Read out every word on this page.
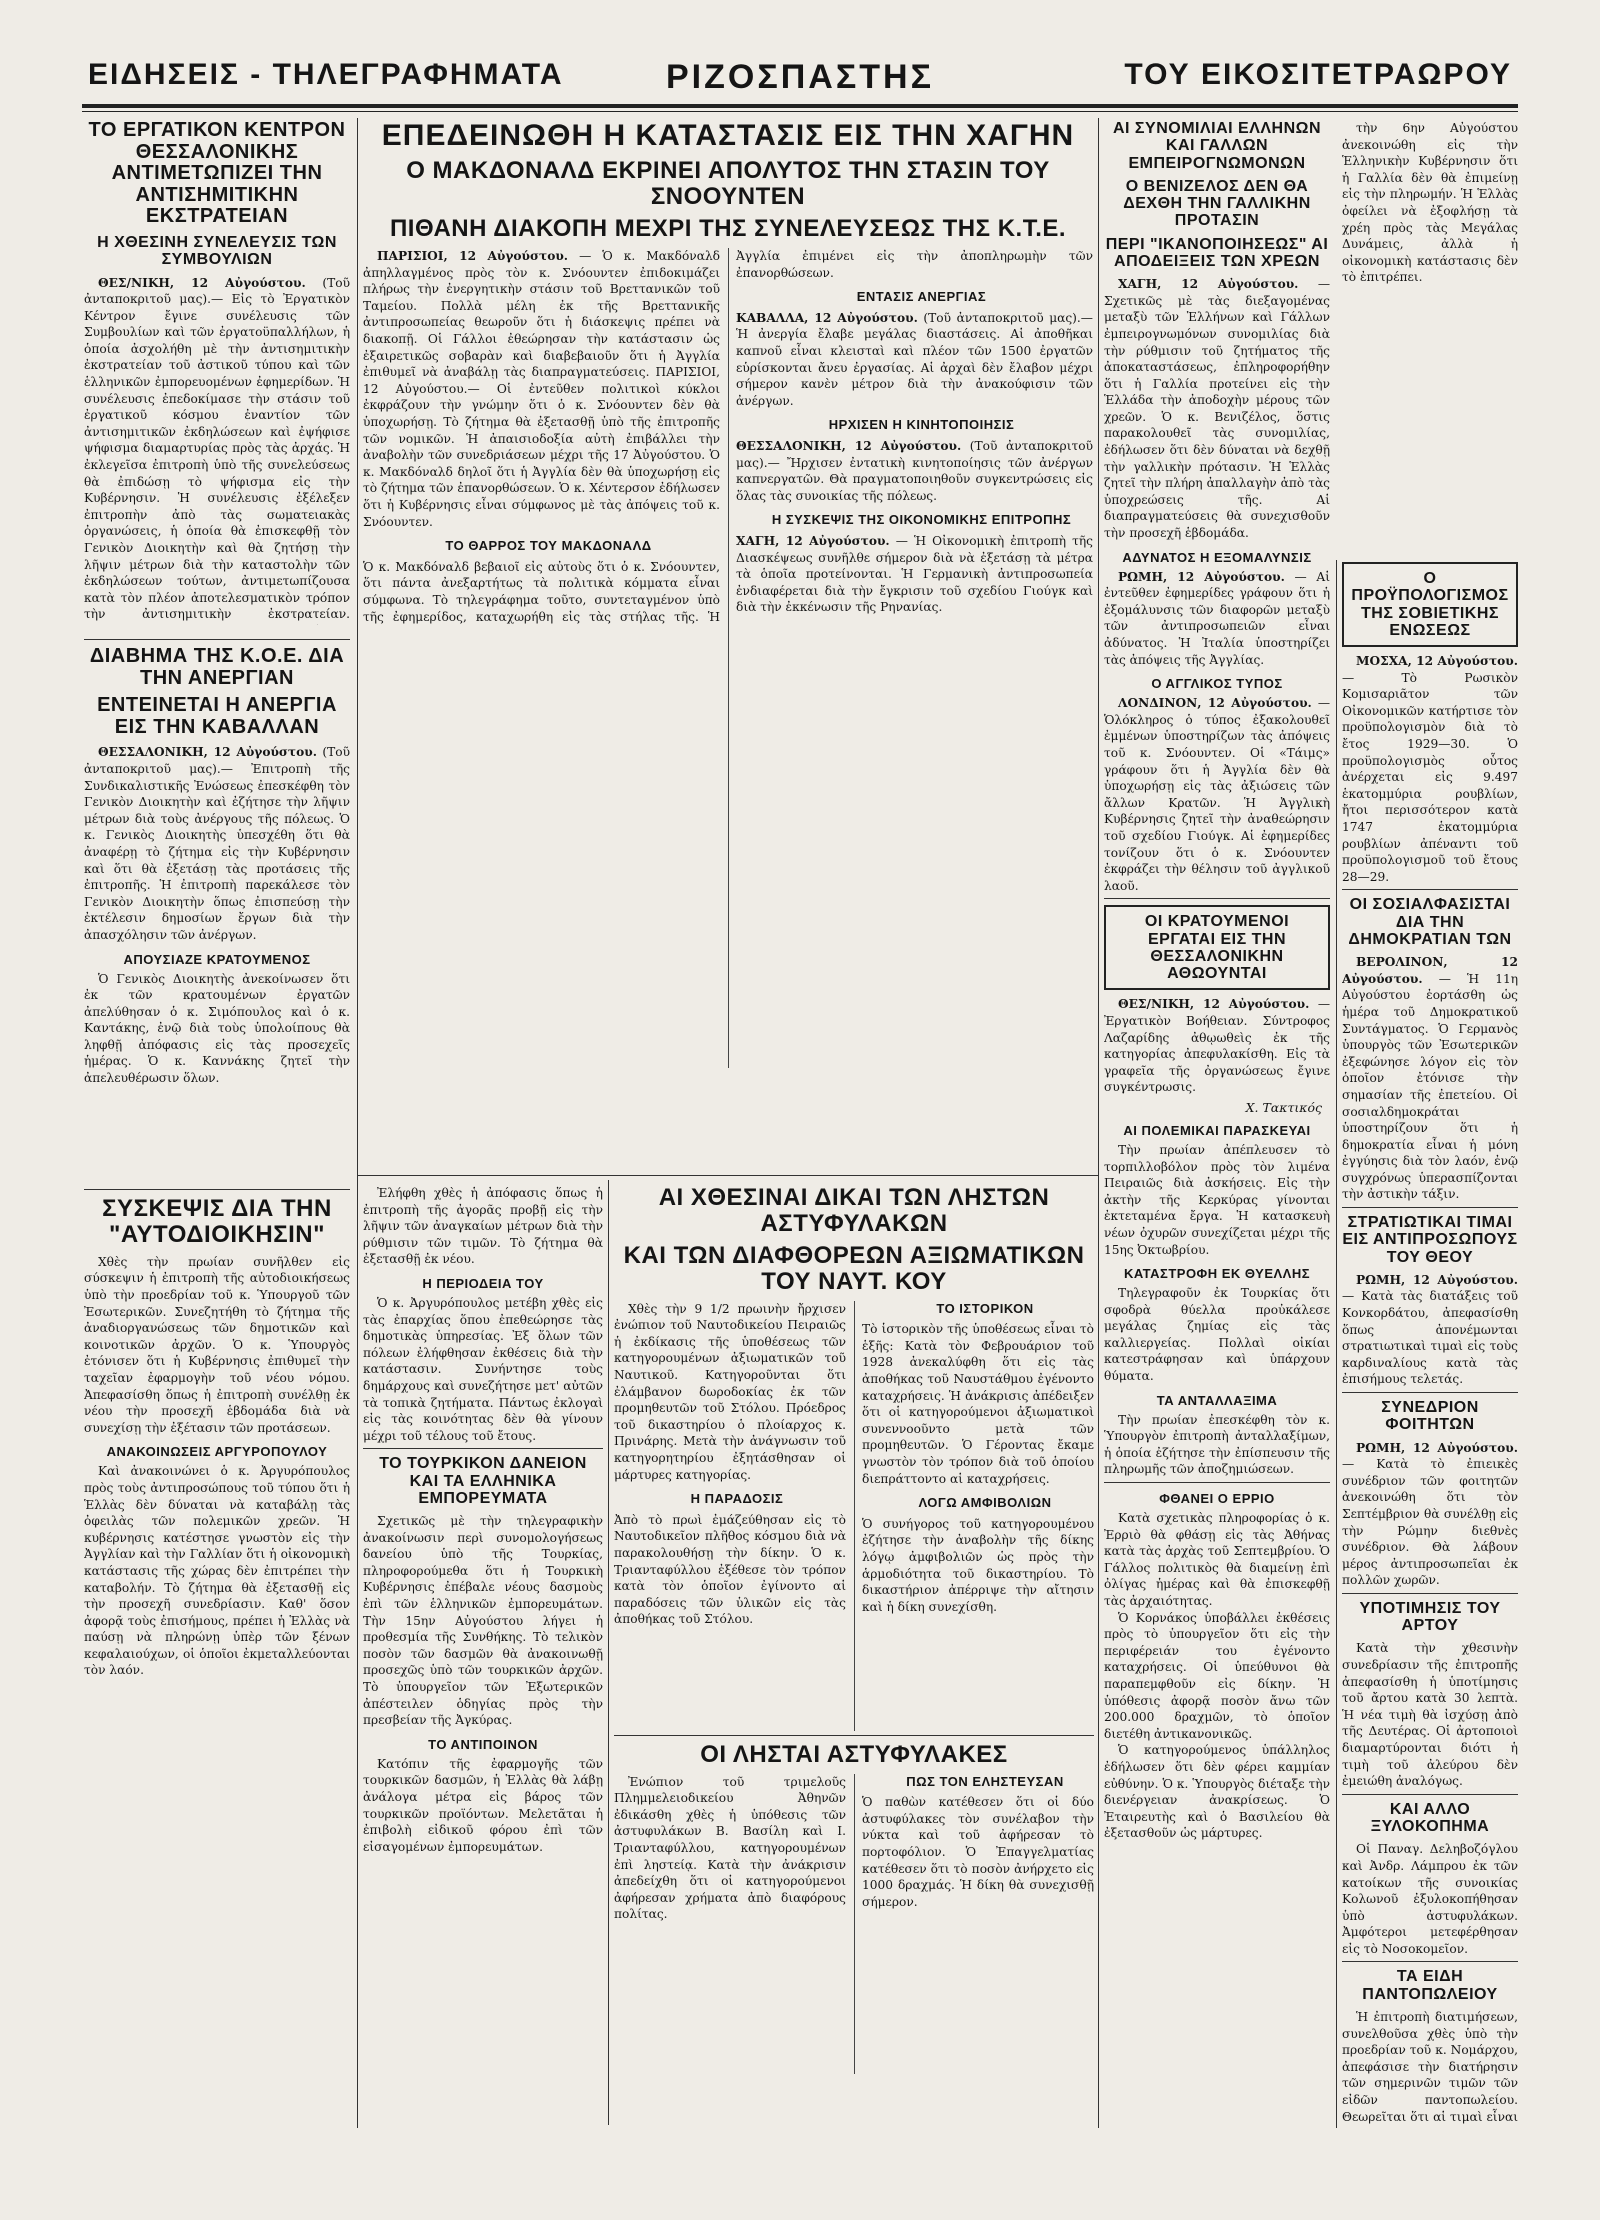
ΕΙΔΗΣΕΙΣ - ΤΗΛΕΓΡΑΦΗΜΑΤΑ	ΡΙΖΟΣΠΑΣΤΗΣ	ΤΟΥ ΕΙΚΟΣΙΤΕΤΡΑΩΡΟΥ
ΤΟ ΕΡΓΑΤΙΚΟΝ ΚΕΝΤΡΟΝ ΘΕΣΣΑΛΟΝΙΚΗΣ ΑΝΤΙΜΕΤΩΠΙΖΕΙ ΤΗΝ ΑΝΤΙΣΗΜΙΤΙΚΗΝ ΕΚΣΤΡΑΤΕΙΑΝ
Η ΧΘΕΣΙΝΗ ΣΥΝΕΛΕΥΣΙΣ ΤΩΝ ΣΥΜΒΟΥΛΙΩΝ

ΘΕΣ/ΝΙΚΗ, 12 Αὐγούστου. (Τοῦ ἀνταποκριτοῦ μας).— Εἰς τὸ Ἐργατικὸν Κέντρον ἔγινε συνέλευσις τῶν Συμβουλίων καὶ τῶν ἐργατοϋπαλλήλων, ἡ ὁποία ἀσχολήθη μὲ τὴν ἀντισημιτικὴν ἐκστρατείαν τοῦ ἀστικοῦ τύπου καὶ τῶν ἑλληνικῶν ἐμπορευομένων ἐφημερίδων. Ἡ συνέλευσις ἐπεδοκίμασε τὴν στάσιν τοῦ ἐργατικοῦ κόσμου ἐναντίον τῶν ἀντισημιτικῶν ἐκδηλώσεων καὶ ἐψήφισε ψήφισμα διαμαρτυρίας πρὸς τὰς ἀρχάς. Ἡ ἐκλεγεῖσα ἐπιτροπὴ ὑπὸ τῆς συνελεύσεως θὰ ἐπιδώσῃ τὸ ψήφισμα εἰς τὴν Κυβέρνησιν. Ἡ συνέλευσις ἐξέλεξεν ἐπιτροπὴν ἀπὸ τὰς σωματειακὰς ὀργανώσεις, ἡ ὁποία θὰ ἐπισκεφθῇ τὸν Γενικὸν Διοικητὴν καὶ θὰ ζητήσῃ τὴν λῆψιν μέτρων διὰ τὴν καταστολὴν τῶν ἐκδηλώσεων τούτων, ἀντιμετωπίζουσα κατὰ τὸν πλέον ἀποτελεσματικὸν τρόπον τὴν ἀντισημιτικὴν ἐκστρατείαν.

ΔΙΑΒΗΜΑ ΤΗΣ Κ.Ο.Ε. ΔΙΑ ΤΗΝ ΑΝΕΡΓΙΑΝ
ΕΝΤΕΙΝΕΤΑΙ Η ΑΝΕΡΓΙΑ ΕΙΣ ΤΗΝ ΚΑΒΑΛΛΑΝ

ΘΕΣΣΑΛΟΝΙΚΗ, 12 Αὐγούστου. (Τοῦ ἀνταποκριτοῦ μας).— Ἐπιτροπὴ τῆς Συνδικαλιστικῆς Ἐνώσεως ἐπεσκέφθη τὸν Γενικὸν Διοικητὴν καὶ ἐζήτησε τὴν λῆψιν μέτρων διὰ τοὺς ἀνέργους τῆς πόλεως. Ὁ κ. Γενικὸς Διοικητὴς ὑπεσχέθη ὅτι θὰ ἀναφέρῃ τὸ ζήτημα εἰς τὴν Κυβέρνησιν καὶ ὅτι θὰ ἐξετάσῃ τὰς προτάσεις τῆς ἐπιτροπῆς. Ἡ ἐπιτροπὴ παρεκάλεσε τὸν Γενικὸν Διοικητὴν ὅπως ἐπισπεύσῃ τὴν ἐκτέλεσιν δημοσίων ἔργων διὰ τὴν ἀπασχόλησιν τῶν ἀνέργων.

ΑΠΟΥΣΙΑΖΕ ΚΡΑΤΟΥΜΕΝΟΣ

Ὁ Γενικὸς Διοικητὴς ἀνεκοίνωσεν ὅτι ἐκ τῶν κρατουμένων ἐργατῶν ἀπελύθησαν ὁ κ. Σιμόπουλος καὶ ὁ κ. Καντάκης, ἐνῷ διὰ τοὺς ὑπολοίπους θὰ ληφθῇ ἀπόφασις εἰς τὰς προσεχεῖς ἡμέρας. Ὁ κ. Καννάκης ζητεῖ τὴν ἀπελευθέρωσιν ὅλων.

ΣΥΣΚΕΨΙΣ ΔΙΑ ΤΗΝ "ΑΥΤΟΔΙΟΙΚΗΣΙΝ"

Χθὲς τὴν πρωίαν συνῆλθεν εἰς σύσκεψιν ἡ ἐπιτροπὴ τῆς αὐτοδιοικήσεως ὑπὸ τὴν προεδρίαν τοῦ κ. Ὑπουργοῦ τῶν Ἐσωτερικῶν. Συνεζητήθη τὸ ζήτημα τῆς ἀναδιοργανώσεως τῶν δημοτικῶν καὶ κοινοτικῶν ἀρχῶν. Ὁ κ. Ὑπουργὸς ἐτόνισεν ὅτι ἡ Κυβέρνησις ἐπιθυμεῖ τὴν ταχεῖαν ἐφαρμογὴν τοῦ νέου νόμου. Ἀπεφασίσθη ὅπως ἡ ἐπιτροπὴ συνέλθῃ ἐκ νέου τὴν προσεχῆ ἑβδομάδα διὰ νὰ συνεχίσῃ τὴν ἐξέτασιν τῶν προτάσεων.

ΑΝΑΚΟΙΝΩΣΕΙΣ ΑΡΓΥΡΟΠΟΥΛΟΥ

Καὶ ἀνακοινώνει ὁ κ. Ἀργυρόπουλος πρὸς τοὺς ἀντιπροσώπους τοῦ τύπου ὅτι ἡ Ἑλλὰς δὲν δύναται νὰ καταβάλῃ τὰς ὀφειλὰς τῶν πολεμικῶν χρεῶν. Ἡ κυβέρνησις κατέστησε γνωστὸν εἰς τὴν Ἀγγλίαν καὶ τὴν Γαλλίαν ὅτι ἡ οἰκονομικὴ κατάστασις τῆς χώρας δὲν ἐπιτρέπει τὴν καταβολήν. Τὸ ζήτημα θὰ ἐξετασθῇ εἰς τὴν προσεχῆ συνεδρίασιν. Καθ' ὅσον ἀφορᾷ τοὺς ἐπισήμους, πρέπει ἡ Ἑλλὰς νὰ παύσῃ νὰ πληρώνῃ ὑπὲρ τῶν ξένων κεφαλαιούχων, οἱ ὁποῖοι ἐκμεταλλεύονται τὸν λαόν.

ΕΠΕΔΕΙΝΩΘΗ Η ΚΑΤΑΣΤΑΣΙΣ ΕΙΣ ΤΗΝ ΧΑΓΗΝ
Ο ΜΑΚΔΟΝΑΛΔ ΕΚΡΙΝΕΙ ΑΠΟΛΥΤΟΣ ΤΗΝ ΣΤΑΣΙΝ ΤΟΥ ΣΝΟΟΥΝΤΕΝ
ΠΙΘΑΝΗ ΔΙΑΚΟΠΗ ΜΕΧΡΙ ΤΗΣ ΣΥΝΕΛΕΥΣΕΩΣ ΤΗΣ Κ.Τ.Ε.
ΠΑΡΙΣΙΟΙ, 12 Αὐγούστου. — Ὁ κ. Μακδόναλδ ἀπηλλαγμένος πρὸς τὸν κ. Σνόουντεν ἐπιδοκιμάζει πλήρως τὴν ἐνεργητικὴν στάσιν τοῦ Βρεττανικῶν τοῦ Ταμείου. Πολλὰ μέλη ἐκ τῆς Βρεττανικῆς ἀντιπροσωπείας θεωροῦν ὅτι ἡ διάσκεψις πρέπει νὰ διακοπῇ. Οἱ Γάλλοι ἐθεώρησαν τὴν κατάστασιν ὡς ἐξαιρετικῶς σοβαρὰν καὶ διαβεβαιοῦν ὅτι ἡ Ἀγγλία ἐπιθυμεῖ νὰ ἀναβάλῃ τὰς διαπραγματεύσεις. ΠΑΡΙΣΙΟΙ, 12 Αὐγούστου.— Οἱ ἐντεῦθεν πολιτικοὶ κύκλοι ἐκφράζουν τὴν γνώμην ὅτι ὁ κ. Σνόουντεν δὲν θὰ ὑποχωρήσῃ. Τὸ ζήτημα θὰ ἐξετασθῇ ὑπὸ τῆς ἐπιτροπῆς τῶν νομικῶν. Ἡ ἀπαισιοδοξία αὐτὴ ἐπιβάλλει τὴν ἀναβολὴν τῶν συνεδριάσεων μέχρι τῆς 17 Ἀὐγούστου. Ὁ κ. Μακδόναλδ δηλοῖ ὅτι ἡ Ἀγγλία δὲν θὰ ὑποχωρήσῃ εἰς τὸ ζήτημα τῶν ἐπανορθώσεων. Ὁ κ. Χέντερσον ἐδήλωσεν ὅτι ἡ Κυβέρνησις εἶναι σύμφωνος μὲ τὰς ἀπόψεις τοῦ κ. Σνόουντεν.
ΤΟ ΘΑΡΡΟΣ ΤΟΥ ΜΑΚΔΟΝΑΛΔ
Ὁ κ. Μακδόναλδ βεβαιοῖ εἰς αὐτοὺς ὅτι ὁ κ. Σνόουντεν, ὅτι πάντα ἀνεξαρτήτως τὰ πολιτικὰ κόμματα εἶναι σύμφωνα. Τὸ τηλεγράφημα τοῦτο, συντεταγμένον ὑπὸ τῆς ἐφημερίδος, καταχωρήθη εἰς τὰς στήλας τῆς. Ἡ Ἀγγλία ἐπιμένει εἰς τὴν ἀποπληρωμὴν τῶν ἐπανορθώσεων.
ΕΝΤΑΣΙΣ ΑΝΕΡΓΙΑΣ
ΚΑΒΑΛΛΑ, 12 Αὐγούστου. (Τοῦ ἀνταποκριτοῦ μας).— Ἡ ἀνεργία ἔλαβε μεγάλας διαστάσεις. Αἱ ἀποθῆκαι καπνοῦ εἶναι κλεισταὶ καὶ πλέον τῶν 1500 ἐργατῶν εὑρίσκονται ἄνευ ἐργασίας. Αἱ ἀρχαὶ δὲν ἔλαβον μέχρι σήμερον κανὲν μέτρον διὰ τὴν ἀνακούφισιν τῶν ἀνέργων.
ΗΡΧΙΣΕΝ Η ΚΙΝΗΤΟΠΟΙΗΣΙΣ
ΘΕΣΣΑΛΟΝΙΚΗ, 12 Αὐγούστου. (Τοῦ ἀνταποκριτοῦ μας).— Ἤρχισεν ἐντατικὴ κινητοποίησις τῶν ἀνέργων καπνεργατῶν. Θὰ πραγματοποιηθοῦν συγκεντρώσεις εἰς ὅλας τὰς συνοικίας τῆς πόλεως.
Η ΣΥΣΚΕΨΙΣ ΤΗΣ ΟΙΚΟΝΟΜΙΚΗΣ ΕΠΙΤΡΟΠΗΣ
ΧΑΓΗ, 12 Αὐγούστου. — Ἡ Οἰκονομικὴ ἐπιτροπὴ τῆς Διασκέψεως συνῆλθε σήμερον διὰ νὰ ἐξετάσῃ τὰ μέτρα τὰ ὁποῖα προτείνονται. Ἡ Γερμανικὴ ἀντιπροσωπεία ἐνδιαφέρεται διὰ τὴν ἔγκρισιν τοῦ σχεδίου Γιούγκ καὶ διὰ τὴν ἐκκένωσιν τῆς Ρηνανίας.

Ἐλήφθη χθὲς ἡ ἀπόφασις ὅπως ἡ ἐπιτροπὴ τῆς ἀγορᾶς προβῇ εἰς τὴν λῆψιν τῶν ἀναγκαίων μέτρων διὰ τὴν ρύθμισιν τῶν τιμῶν. Τὸ ζήτημα θὰ ἐξετασθῇ ἐκ νέου.

Η ΠΕΡΙΟΔΕΙΑ ΤΟΥ

Ὁ κ. Ἀργυρόπουλος μετέβη χθὲς εἰς τὰς ἐπαρχίας ὅπου ἐπεθεώρησε τὰς δημοτικὰς ὑπηρεσίας. Ἐξ ὅλων τῶν πόλεων ἐλήφθησαν ἐκθέσεις διὰ τὴν κατάστασιν. Συνήντησε τοὺς δημάρχους καὶ συνεζήτησε μετ' αὐτῶν τὰ τοπικὰ ζητήματα. Πάντως ἐκλογαὶ εἰς τὰς κοινότητας δὲν θὰ γίνουν μέχρι τοῦ τέλους τοῦ ἔτους.

ΤΟ ΤΟΥΡΚΙΚΟΝ ΔΑΝΕΙΟΝ ΚΑΙ ΤΑ ΕΛΛΗΝΙΚΑ ΕΜΠΟΡΕΥΜΑΤΑ

Σχετικῶς μὲ τὴν τηλεγραφικὴν ἀνακοίνωσιν περὶ συνομολογήσεως δανείου ὑπὸ τῆς Τουρκίας, πληροφορούμεθα ὅτι ἡ Τουρκικὴ Κυβέρνησις ἐπέβαλε νέους δασμοὺς ἐπὶ τῶν ἑλληνικῶν ἐμπορευμάτων. Τὴν 15ην Αὐγούστου λήγει ἡ προθεσμία τῆς Συνθήκης. Τὸ τελικὸν ποσὸν τῶν δασμῶν θὰ ἀνακοινωθῇ προσεχῶς ὑπὸ τῶν τουρκικῶν ἀρχῶν. Τὸ ὑπουργεῖον τῶν Ἐξωτερικῶν ἀπέστειλεν ὁδηγίας πρὸς τὴν πρεσβείαν τῆς Ἀγκύρας.

ΤΟ ΑΝΤΙΠΟΙΝΟΝ

Κατόπιν τῆς ἐφαρμογῆς τῶν τουρκικῶν δασμῶν, ἡ Ἑλλὰς θὰ λάβῃ ἀνάλογα μέτρα εἰς βάρος τῶν τουρκικῶν προϊόντων. Μελετᾶται ἡ ἐπιβολὴ εἰδικοῦ φόρου ἐπὶ τῶν εἰσαγομένων ἐμπορευμάτων.

ΑΙ ΧΘΕΣΙΝΑΙ ΔΙΚΑΙ ΤΩΝ ΛΗΣΤΩΝ ΑΣΤΥΦΥΛΑΚΩΝ
ΚΑΙ ΤΩΝ ΔΙΑΦΘΟΡΕΩΝ ΑΞΙΩΜΑΤΙΚΩΝ ΤΟΥ ΝΑΥΤ. ΚΟΥ
Χθὲς τὴν 9 1/2 πρωινὴν ἤρχισεν ἐνώπιον τοῦ Ναυτοδικείου Πειραιῶς ἡ ἐκδίκασις τῆς ὑποθέσεως τῶν κατηγορουμένων ἀξιωματικῶν τοῦ Ναυτικοῦ. Κατηγοροῦνται ὅτι ἐλάμβανον δωροδοκίας ἐκ τῶν προμηθευτῶν τοῦ Στόλου. Πρόεδρος τοῦ δικαστηρίου ὁ πλοίαρχος κ. Πρινάρης. Μετὰ τὴν ἀνάγνωσιν τοῦ κατηγορητηρίου ἐξητάσθησαν οἱ μάρτυρες κατηγορίας.
Η ΠΑΡΑΔΟΣΙΣ
Ἀπὸ τὸ πρωὶ ἐμάζεύθησαν εἰς τὸ Ναυτοδικεῖον πλῆθος κόσμου διὰ νὰ παρακολουθήσῃ τὴν δίκην. Ὁ κ. Τριανταφύλλου ἐξέθεσε τὸν τρόπον κατὰ τὸν ὁποῖον ἐγίνοντο αἱ παραδόσεις τῶν ὑλικῶν εἰς τὰς ἀποθήκας τοῦ Στόλου.
ΤΟ ΙΣΤΟΡΙΚΟΝ
Τὸ ἱστορικὸν τῆς ὑποθέσεως εἶναι τὸ ἑξῆς: Κατὰ τὸν Φεβρουάριον τοῦ 1928 ἀνεκαλύφθη ὅτι εἰς τὰς ἀποθήκας τοῦ Ναυστάθμου ἐγένοντο καταχρήσεις. Ἡ ἀνάκρισις ἀπέδειξεν ὅτι οἱ κατηγορούμενοι ἀξιωματικοὶ συνεννοοῦντο μετὰ τῶν προμηθευτῶν. Ὁ Γέροντας ἔκαμε γνωστὸν τὸν τρόπον διὰ τοῦ ὁποίου διεπράττοντο αἱ καταχρήσεις.
ΛΟΓΩ ΑΜΦΙΒΟΛΙΩΝ
Ὁ συνήγορος τοῦ κατηγορουμένου ἐζήτησε τὴν ἀναβολὴν τῆς δίκης λόγῳ ἀμφιβολιῶν ὡς πρὸς τὴν ἁρμοδιότητα τοῦ δικαστηρίου. Τὸ δικαστήριον ἀπέρριψε τὴν αἴτησιν καὶ ἡ δίκη συνεχίσθη.
ΟΙ ΛΗΣΤΑΙ ΑΣΤΥΦΥΛΑΚΕΣ
Ἐνώπιον τοῦ τριμελοῦς Πλημμελειοδικείου Ἀθηνῶν ἐδικάσθη χθὲς ἡ ὑπόθεσις τῶν ἀστυφυλάκων Β. Βασίλη καὶ Ι. Τριανταφύλλου, κατηγορουμένων ἐπὶ ληστείᾳ. Κατὰ τὴν ἀνάκρισιν ἀπεδείχθη ὅτι οἱ κατηγορούμενοι ἀφήρεσαν χρήματα ἀπὸ διαφόρους πολίτας.
ΠΩΣ ΤΟΝ ΕΛΗΣΤΕΥΣΑΝ
Ὁ παθὼν κατέθεσεν ὅτι οἱ δύο ἀστυφύλακες τὸν συνέλαβον τὴν νύκτα καὶ τοῦ ἀφήρεσαν τὸ πορτοφόλιον. Ὁ Ἐπαγγελματίας κατέθεσεν ὅτι τὸ ποσὸν ἀνήρχετο εἰς 1000 δραχμάς. Ἡ δίκη θὰ συνεχισθῇ σήμερον.
ΑΙ ΣΥΝΟΜΙΛΙΑΙ ΕΛΛΗΝΩΝ ΚΑΙ ΓΑΛΛΩΝ ΕΜΠΕΙΡΟΓΝΩΜΟΝΩΝ
Ο ΒΕΝΙΖΕΛΟΣ ΔΕΝ ΘΑ ΔΕΧΘΗ ΤΗΝ ΓΑΛΛΙΚΗΝ ΠΡΟΤΑΣΙΝ
ΠΕΡΙ "ΙΚΑΝΟΠΟΙΗΣΕΩΣ" ΑΙ ΑΠΟΔΕΙΞΕΙΣ ΤΩΝ ΧΡΕΩΝ

ΧΑΓΗ, 12 Αὐγούστου. — Σχετικῶς μὲ τὰς διεξαγομένας μεταξὺ τῶν Ἑλλήνων καὶ Γάλλων ἐμπειρογνωμόνων συνομιλίας διὰ τὴν ρύθμισιν τοῦ ζητήματος τῆς ἀποκαταστάσεως, ἐπληροφορήθην ὅτι ἡ Γαλλία προτείνει εἰς τὴν Ἑλλάδα τὴν ἀποδοχὴν μέρους τῶν χρεῶν. Ὁ κ. Βενιζέλος, ὅστις παρακολουθεῖ τὰς συνομιλίας, ἐδήλωσεν ὅτι δὲν δύναται νὰ δεχθῇ τὴν γαλλικὴν πρότασιν. Ἡ Ἑλλὰς ζητεῖ τὴν πλήρη ἀπαλλαγὴν ἀπὸ τὰς ὑποχρεώσεις τῆς. Αἱ διαπραγματεύσεις θὰ συνεχισθοῦν τὴν προσεχῆ ἑβδομάδα.

ΑΔΥΝΑΤΟΣ Η ΕΞΟΜΑΛΥΝΣΙΣ

ΡΩΜΗ, 12 Αὐγούστου. — Αἱ ἐντεῦθεν ἐφημερίδες γράφουν ὅτι ἡ ἐξομάλυνσις τῶν διαφορῶν μεταξὺ τῶν ἀντιπροσωπειῶν εἶναι ἀδύνατος. Ἡ Ἰταλία ὑποστηρίζει τὰς ἀπόψεις τῆς Ἀγγλίας.

Ο ΑΓΓΛΙΚΟΣ ΤΥΠΟΣ

ΛΟΝΔΙΝΟΝ, 12 Αὐγούστου. — Ὁλόκληρος ὁ τύπος ἐξακολουθεῖ ἐμμένων ὑποστηρίζων τὰς ἀπόψεις τοῦ κ. Σνόουντεν. Οἱ «Τάιμς» γράφουν ὅτι ἡ Ἀγγλία δὲν θὰ ὑποχωρήσῃ εἰς τὰς ἀξιώσεις τῶν ἄλλων Κρατῶν. Ἡ Ἀγγλικὴ Κυβέρνησις ζητεῖ τὴν ἀναθεώρησιν τοῦ σχεδίου Γιούγκ. Αἱ ἐφημερίδες τονίζουν ὅτι ὁ κ. Σνόουντεν ἐκφράζει τὴν θέλησιν τοῦ ἀγγλικοῦ λαοῦ.

ΟΙ ΚΡΑΤΟΥΜΕΝΟΙ ΕΡΓΑΤΑΙ ΕΙΣ ΤΗΝ ΘΕΣΣΑΛΟΝΙΚΗΝ ΑΘΩΟΥΝΤΑΙ

ΘΕΣ/ΝΙΚΗ, 12 Αὐγούστου. — Ἐργατικὸν Βοήθειαν. Σύντροφος Λαζαρίδης ἀθῳωθεὶς ἐκ τῆς κατηγορίας ἀπεφυλακίσθη. Εἰς τὰ γραφεῖα τῆς ὀργανώσεως ἔγινε συγκέντρωσις.

Χ. Τακτικός
ΑΙ ΠΟΛΕΜΙΚΑΙ ΠΑΡΑΣΚΕΥΑΙ

Τὴν πρωίαν ἀπέπλευσεν τὸ τορπιλλοβόλον πρὸς τὸν λιμένα Πειραιῶς διὰ ἀσκήσεις. Εἰς τὴν ἀκτὴν τῆς Κερκύρας γίνονται ἐκτεταμένα ἔργα. Ἡ κατασκευὴ νέων ὀχυρῶν συνεχίζεται μέχρι τῆς 15ης Ὀκτωβρίου.

ΚΑΤΑΣΤΡΟΦΗ ΕΚ ΘΥΕΛΛΗΣ

Τηλεγραφοῦν ἐκ Τουρκίας ὅτι σφοδρὰ θύελλα προὐκάλεσε μεγάλας ζημίας εἰς τὰς καλλιεργείας. Πολλαὶ οἰκίαι κατεστράφησαν καὶ ὑπάρχουν θύματα.

ΤΑ ΑΝΤΑΛΛΑΞΙΜΑ

Τὴν πρωίαν ἐπεσκέφθη τὸν κ. Ὑπουργὸν ἐπιτροπὴ ἀνταλλαξίμων, ἡ ὁποία ἐζήτησε τὴν ἐπίσπευσιν τῆς πληρωμῆς τῶν ἀποζημιώσεων.

ΦΘΑΝΕΙ Ο ΕΡΡΙΟ

Κατὰ σχετικὰς πληροφορίας ὁ κ. Ἐρριὸ θὰ φθάσῃ εἰς τὰς Ἀθήνας κατὰ τὰς ἀρχὰς τοῦ Σεπτεμβρίου. Ὁ Γάλλος πολιτικὸς θὰ διαμείνῃ ἐπὶ ὀλίγας ἡμέρας καὶ θὰ ἐπισκεφθῇ τὰς ἀρχαιότητας.

Ὁ Κορνάκος ὑποβάλλει ἐκθέσεις πρὸς τὸ ὑπουργεῖον ὅτι εἰς τὴν περιφέρειάν του ἐγένοντο καταχρήσεις. Οἱ ὑπεύθυνοι θὰ παραπεμφθοῦν εἰς δίκην. Ἡ ὑπόθεσις ἀφορᾷ ποσὸν ἄνω τῶν 200.000 δραχμῶν, τὸ ὁποῖον διετέθη ἀντικανονικῶς.

Ὁ κατηγορούμενος ὑπάλληλος ἐδήλωσεν ὅτι δὲν φέρει καμμίαν εὐθύνην. Ὁ κ. Ὑπουργὸς διέταξε τὴν διενέργειαν ἀνακρίσεως. Ὁ Ἐταιρευτὴς καὶ ὁ Βασιλείου θὰ ἐξετασθοῦν ὡς μάρτυρες.

τὴν 6ην Αὐγούστου ἀνεκοινώθη εἰς τὴν Ἑλληνικὴν Κυβέρνησιν ὅτι ἡ Γαλλία δὲν θὰ ἐπιμείνῃ εἰς τὴν πληρωμήν. Ἡ Ἑλλὰς ὀφείλει νὰ ἐξοφλήσῃ τὰ χρέη πρὸς τὰς Μεγάλας Δυνάμεις, ἀλλὰ ἡ οἰκονομικὴ κατάστασις δὲν τὸ ἐπιτρέπει.

Ο ΠΡΟΫΠΟΛΟΓΙΣΜΟΣ ΤΗΣ ΣΟΒΙΕΤΙΚΗΣ ΕΝΩΣΕΩΣ

ΜΟΣΧΑ, 12 Αὐγούστου. — Τὸ Ρωσικὸν Κομισαριᾶτον τῶν Οἰκονομικῶν κατήρτισε τὸν προϋπολογισμὸν διὰ τὸ ἔτος 1929—30. Ὁ προϋπολογισμὸς οὗτος ἀνέρχεται εἰς 9.497 ἑκατομμύρια ρουβλίων, ἤτοι περισσότερον κατὰ 1747 ἑκατομμύρια ρουβλίων ἀπέναντι τοῦ προϋπολογισμοῦ τοῦ ἔτους 28—29.

ΟΙ ΣΟΣΙΑΛΦΑΣΙΣΤΑΙ ΔΙΑ ΤΗΝ ΔΗΜΟΚΡΑΤΙΑΝ ΤΩΝ

ΒΕΡΟΛΙΝΟΝ, 12 Αὐγούστου. — Ἡ 11η Αὐγούστου ἐορτάσθη ὡς ἡμέρα τοῦ Δημοκρατικοῦ Συντάγματος. Ὁ Γερμανὸς ὑπουργὸς τῶν Ἐσωτερικῶν ἐξεφώνησε λόγον εἰς τὸν ὁποῖον ἐτόνισε τὴν σημασίαν τῆς ἐπετείου. Οἱ σοσιαλδημοκράται ὑποστηρίζουν ὅτι ἡ δημοκρατία εἶναι ἡ μόνη ἐγγύησις διὰ τὸν λαόν, ἐνῷ συγχρόνως ὑπερασπίζονται τὴν ἀστικὴν τάξιν.

ΣΤΡΑΤΙΩΤΙΚΑΙ ΤΙΜΑΙ ΕΙΣ ΑΝΤΙΠΡΟΣΩΠΟΥΣ ΤΟΥ ΘΕΟΥ

ΡΩΜΗ, 12 Αὐγούστου. — Κατὰ τὰς διατάξεις τοῦ Κονκορδάτου, ἀπεφασίσθη ὅπως ἀπονέμωνται στρατιωτικαὶ τιμαὶ εἰς τοὺς καρδιναλίους κατὰ τὰς ἐπισήμους τελετάς.

ΣΥΝΕΔΡΙΟΝ ΦΟΙΤΗΤΩΝ

ΡΩΜΗ, 12 Αὐγούστου. — Κατὰ τὸ ἐπιεικὲς συνέδριον τῶν φοιτητῶν ἀνεκοινώθη ὅτι τὸν Σεπτέμβριον θὰ συνέλθῃ εἰς τὴν Ρώμην διεθνὲς συνέδριον. Θὰ λάβουν μέρος ἀντιπροσωπεῖαι ἐκ πολλῶν χωρῶν.

ΥΠΟΤΙΜΗΣΙΣ ΤΟΥ ΑΡΤΟΥ

Κατὰ τὴν χθεσινὴν συνεδρίασιν τῆς ἐπιτροπῆς ἀπεφασίσθη ἡ ὑποτίμησις τοῦ ἄρτου κατὰ 30 λεπτὰ. Ἡ νέα τιμὴ θὰ ἰσχύσῃ ἀπὸ τῆς Δευτέρας. Οἱ ἀρτοποιοὶ διαμαρτύρονται διότι ἡ τιμὴ τοῦ ἀλεύρου δὲν ἐμειώθη ἀναλόγως.

ΚΑΙ ΑΛΛΟ ΞΥΛΟΚΟΠΗΜΑ

Οἱ Παναγ. Δεληβοζόγλου καὶ Ἀνδρ. Λάμπρου ἐκ τῶν κατοίκων τῆς συνοικίας Κολωνοῦ ἐξυλοκοπήθησαν ὑπὸ ἀστυφυλάκων. Ἀμφότεροι μετεφέρθησαν εἰς τὸ Νοσοκομεῖον.

ΤΑ ΕΙΔΗ ΠΑΝΤΟΠΩΛΕΙΟΥ

Ἡ ἐπιτροπὴ διατιμήσεων, συνελθοῦσα χθὲς ὑπὸ τὴν προεδρίαν τοῦ κ. Νομάρχου, ἀπεφάσισε τὴν διατήρησιν τῶν σημερινῶν τιμῶν τῶν εἰδῶν παντοπωλείου. Θεωρεῖται ὅτι αἱ τιμαὶ εἶναι
